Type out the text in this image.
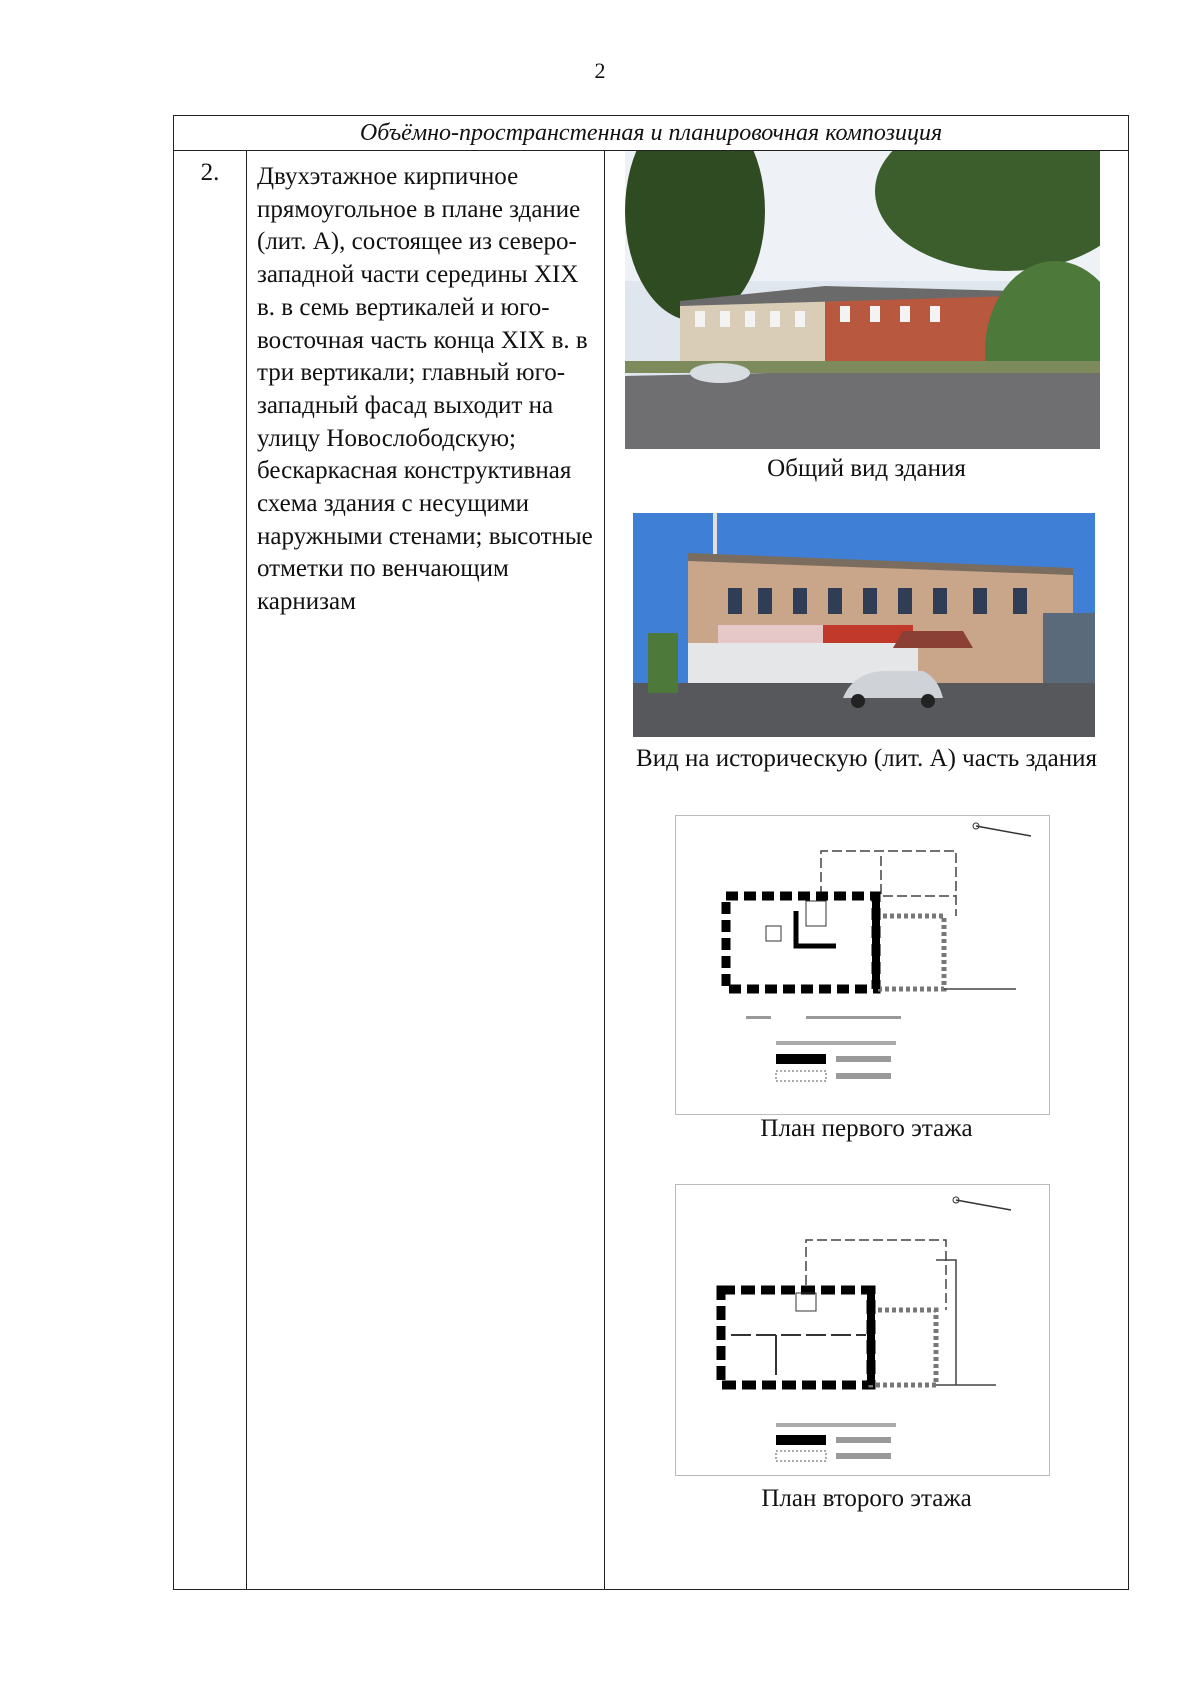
2
Объёмно-пространстенная и планировочная композиция
2.	Двухэтажное кирпичное прямоугольное в плане здание (лит. А), состоящее из северо-западной части середины XIX в. в семь вертикалей и юго-восточная часть конца XIX в. в три вертикали; главный юго-западный фасад выходит на улицу Новослободскую; бескаркасная конструктивная схема здания с несущими наружными стенами; высотные отметки по венчающим карнизам	
Общий вид здания
Вид на историческую (лит. А) часть здания
План первого этажа
План второго этажа
